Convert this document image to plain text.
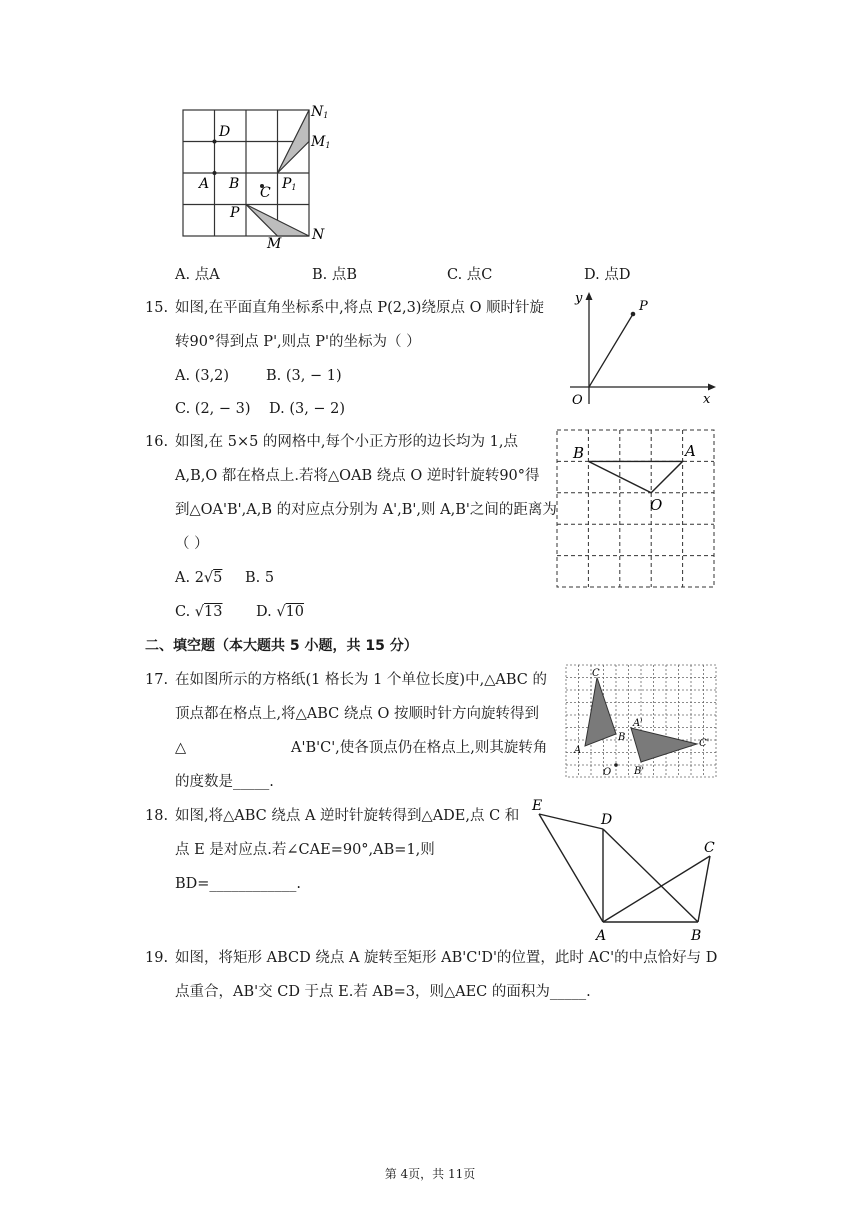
D
A B
C
P
P1
M
N
M1
N1
A. 点A	B. 点B	C. 点C	D. 点D
15. 如图,在平面直角坐标系中,将点 P(2,3)绕原点 O 顺时针旋
转90°得到点 P',则点 P'的坐标为（ ）
A. (3,2)	B. (3, − 1)
C. (2, − 3) D. (3, − 2)
y
x
O
P
16. 如图,在 5×5 的网格中,每个小正方形的边长均为 1,点
A,B,O 都在格点上.若将△OAB 绕点 O 逆时针旋转90°得
到△OA'B',A,B 的对应点分别为 A',B',则 A,B'之间的距离为
（ ）
A. 2√5 B. 5
C. √13 D. √10
B	A
O
二、填空题（本大题共 5 小题，共 15 分）
17. 在如图所示的方格纸(1 格长为 1 个单位长度)中,△ABC 的
顶点都在格点上,将△ABC 绕点 O 按顺时针方向旋转得到
△	A'B'C',使各顶点仍在格点上,则其旋转角
的度数是_____.
C
A
B
A'
B'
C'
O
18. 如图,将△ABC 绕点 A 逆时针旋转得到△ADE,点 C 和
点 E 是对应点.若∠CAE=90°,AB=1,则
BD=____________.
E
D
C
A	B
19. 如图，将矩形 ABCD 绕点 A 旋转至矩形 AB'C'D'的位置，此时 AC'的中点恰好与 D
点重合，AB'交 CD 于点 E.若 AB=3，则△AEC 的面积为_____.
第 4页，共 11页
